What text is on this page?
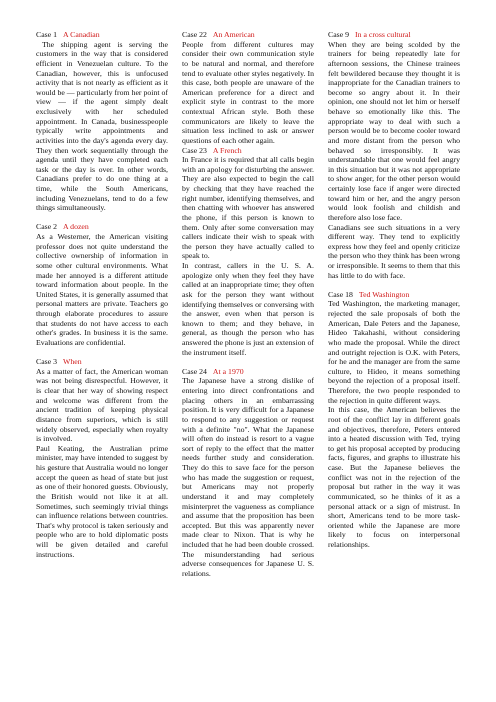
Case 1 A Canadian

The shipping agent is serving the customers in the way that is considered efficient in Venezuelan culture. To the Canadian, however, this is unfocused activity that is not nearly as efficient as it would be — particularly from her point of view — if the agent simply dealt exclusively with her scheduled appointment. In Canada, businesspeople typically write appointments and activities into the day's agenda every day. They then work sequentially through the agenda until they have completed each task or the day is over. In other words, Canadians prefer to do one thing at a time, while the South Americans, including Venezuelans, tend to do a few things simultaneously.

Case 2 A dozen

As a Westerner, the American visiting professor does not quite understand the collective ownership of information in some other cultural environments. What made her annoyed is a different attitude toward information about people. In the United States, it is generally assumed that personal matters are private. Teachers go through elaborate procedures to assure that students do not have access to each other's grades. In business it is the same. Evaluations are confidential.

Case 3 When

As a matter of fact, the American woman was not being disrespectful. However, it is clear that her way of showing respect and welcome was different from the ancient tradition of keeping physical distance from superiors, which is still widely observed, especially when royalty is involved.

Paul Keating, the Australian prime minister, may have intended to suggest by his gesture that Australia would no longer accept the queen as head of state but just as one of their honored guests. Obviously, the British would not like it at all. Sometimes, such seemingly trivial things can influence relations between countries. That's why protocol is taken seriously and people who are to hold diplomatic posts will be given detailed and careful instructions.

Case 22 An American

People from different cultures may consider their own communication style to be natural and normal, and therefore tend to evaluate other styles negatively. In this case, both people are unaware of the American preference for a direct and explicit style in contrast to the more contextual African style. Both these communicators are likely to leave the situation less inclined to ask or answer questions of each other again.

Case 23 A French

In France it is required that all calls begin with an apology for disturbing the answer. They are also expected to begin the call by checking that they have reached the right number, identifying themselves, and then chatting with whoever has answered the phone, if this person is known to them. Only after some conversation may callers indicate their wish to speak with the person they have actually called to speak to.

In contrast, callers in the U. S. A. apologize only when they feel they have called at an inappropriate time; they often ask for the person they want without identifying themselves or conversing with the answer, even when that person is known to them; and they behave, in general, as though the person who has answered the phone is just an extension of the instrument itself.

Case 24 At a 1970

The Japanese have a strong dislike of entering into direct confrontations and placing others in an embarrassing position. It is very difficult for a Japanese to respond to any suggestion or request with a definite "no". What the Japanese will often do instead is resort to a vague sort of reply to the effect that the matter needs further study and consideration. They do this to save face for the person who has made the suggestion or request, but Americans may not properly understand it and may completely misinterpret the vagueness as compliance and assume that the proposition has been accepted. But this was apparently never made clear to Nixon. That is why he included that he had been double crossed. The misunderstanding had serious adverse consequences for Japanese U. S. relations.

Case 9 In a cross cultural

When they are being scolded by the trainers for being repeatedly late for afternoon sessions, the Chinese trainees felt bewildered because they thought it is inappropriate for the Canadian trainers to become so angry about it. In their opinion, one should not let him or herself behave so emotionally like this. The appropriate way to deal with such a person would be to become cooler toward and more distant from the person who behaved so irresponsibly. It was understandable that one would feel angry in this situation but it was not appropriate to show anger, for the other person would certainly lose face if anger were directed toward him or her, and the angry person would look foolish and childish and therefore also lose face.

Canadians see such situations in a very different way. They tend to explicitly express how they feel and openly criticize the person who they think has been wrong or irresponsible. It seems to them that this has little to do with face.

Case 18 Ted Washington

Ted Washington, the marketing manager, rejected the sale proposals of both the American, Dale Peters and the Japanese, Hideo Takahashi, without considering who made the proposal. While the direct and outright rejection is O.K. with Peters, for he and the manager are from the same culture, to Hideo, it means something beyond the rejection of a proposal itself. Therefore, the two people responded to the rejection in quite different ways.

In this case, the American believes the root of the conflict lay in different goals and objectives, therefore, Peters entered into a heated discussion with Ted, trying to get his proposal accepted by producing facts, figures, and graphs to illustrate his case. But the Japanese believes the conflict was not in the rejection of the proposal but rather in the way it was communicated, so he thinks of it as a personal attack or a sign of mistrust. In short, Americans tend to be more task-oriented while the Japanese are more likely to focus on interpersonal relationships.
